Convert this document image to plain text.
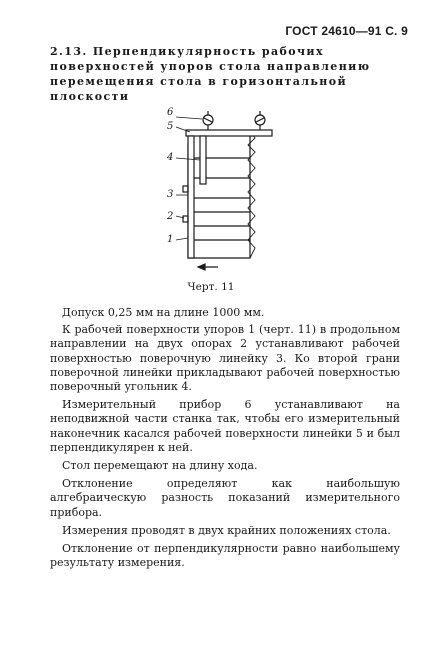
ГОСТ 24610—91 С. 9
2.13. Перпендикулярность рабочих поверхностей упоров стола направлению перемещения стола в горизонтальной плоскости
6
5
4
3
2
1
Черт. 11

Допуск 0,25 мм на длине 1000 мм.

К рабочей поверхности упоров 1 (черт. 11) в продольном направлении на двух опорах 2 устанавливают рабочей поверхностью поверочную линейку 3. Ко второй грани поверочной линейки прикладывают рабочей поверхностью поверочный угольник 4.

Измерительный прибор 6 устанавливают на неподвижной части станка так, чтобы его измерительный наконечник касался рабочей поверхности линейки 5 и был перпендикулярен к ней.

Стол перемещают на длину хода.

Отклонение определяют как наибольшую алгебраическую разность показаний измерительного прибора.

Измерения проводят в двух крайних положениях стола.

Отклонение от перпендикулярности равно наибольшему результату измерения.
